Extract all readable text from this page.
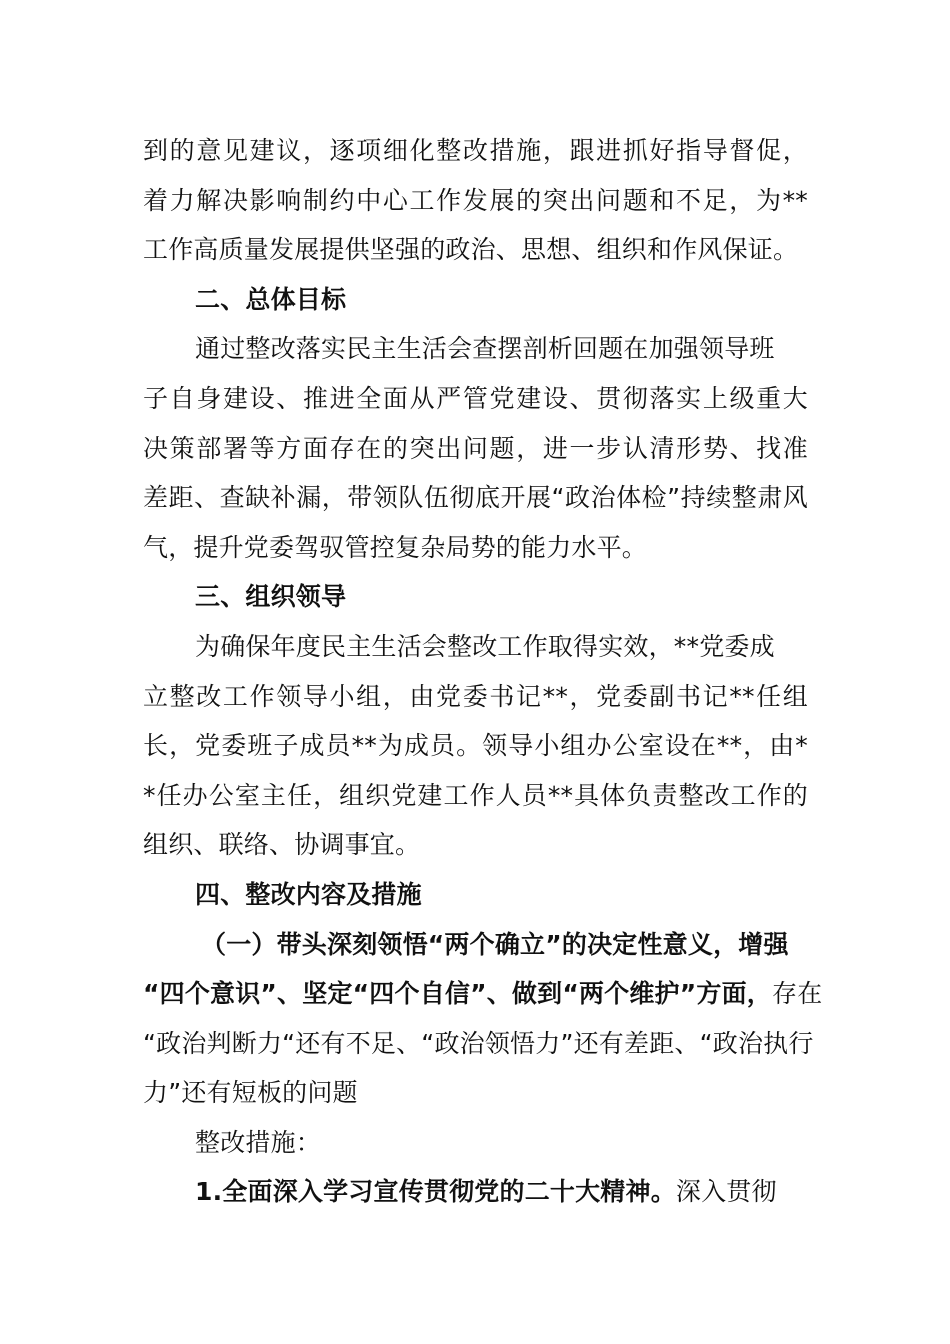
到的意见建议，逐项细化整改措施，跟进抓好指导督促，
着力解决影响制约中心工作发展的突出问题和不足，为**
工作高质量发展提供坚强的政治、思想、组织和作风保证。
二、总体目标
通过整改落实民主生活会查摆剖析回题在加强领导班
子自身建设、推进全面从严管党建设、贯彻落实上级重大
决策部署等方面存在的突出问题，进一步认清形势、找准
差距、查缺补漏，带领队伍彻底开展“政治体检”持续整肃风
气，提升党委驾驭管控复杂局势的能力水平。
三、组织领导
为确保年度民主生活会整改工作取得实效，**党委成
立整改工作领导小组，由党委书记**，党委副书记**任组
长，党委班子成员**为成员。领导小组办公室设在**，由*
*任办公室主任，组织党建工作人员**具体负责整改工作的
组织、联络、协调事宜。
四、整改内容及措施
（一）带头深刻领悟“两个确立”的决定性意义，增强
“四个意识”、坚定“四个自信”、做到“两个维护”方面，存在
“政治判断力“还有不足、“政治领悟力”还有差距、“政治执行
力”还有短板的问题
整改措施：
1.全面深入学习宣传贯彻党的二十大精神。深入贯彻
